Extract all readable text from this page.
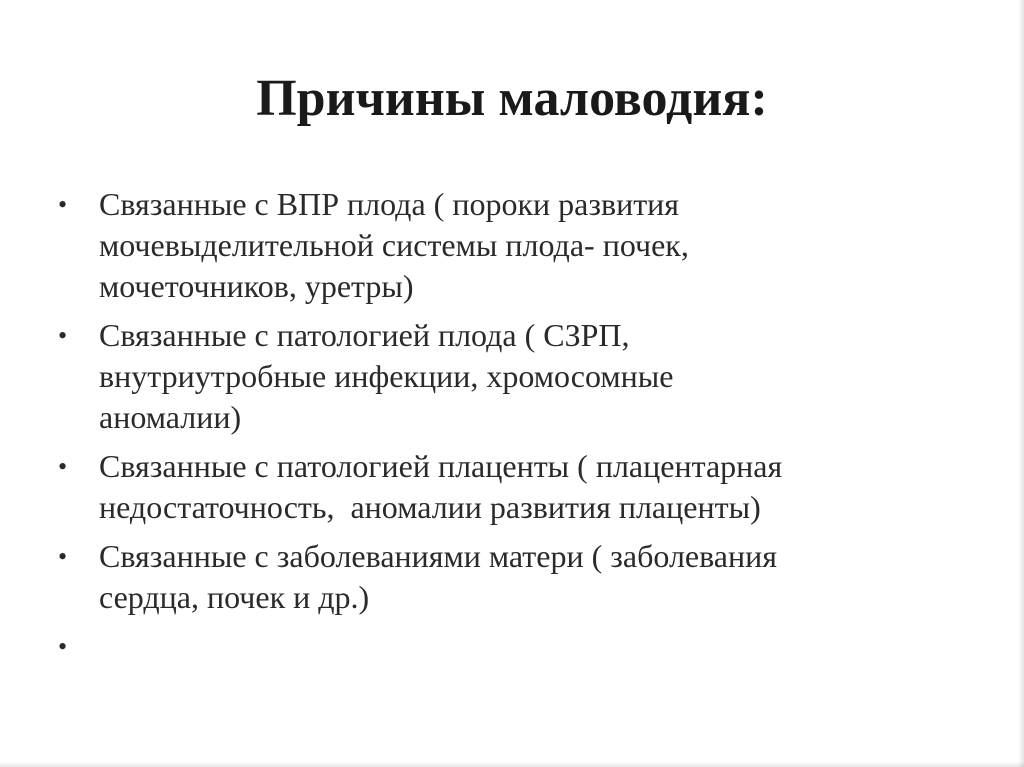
Причины маловодия:
• Связанные с ВПР плода ( пороки развития
мочевыделительной системы плода- почек,
мочеточников, уретры)
• Связанные с патологией плода ( СЗРП,
внутриутробные инфекции, хромосомные
аномалии)
• Связанные с патологией плаценты ( плацентарная
недостаточность,  аномалии развития плаценты)
• Связанные с заболеваниями матери ( заболевания
сердца, почек и др.)
•
